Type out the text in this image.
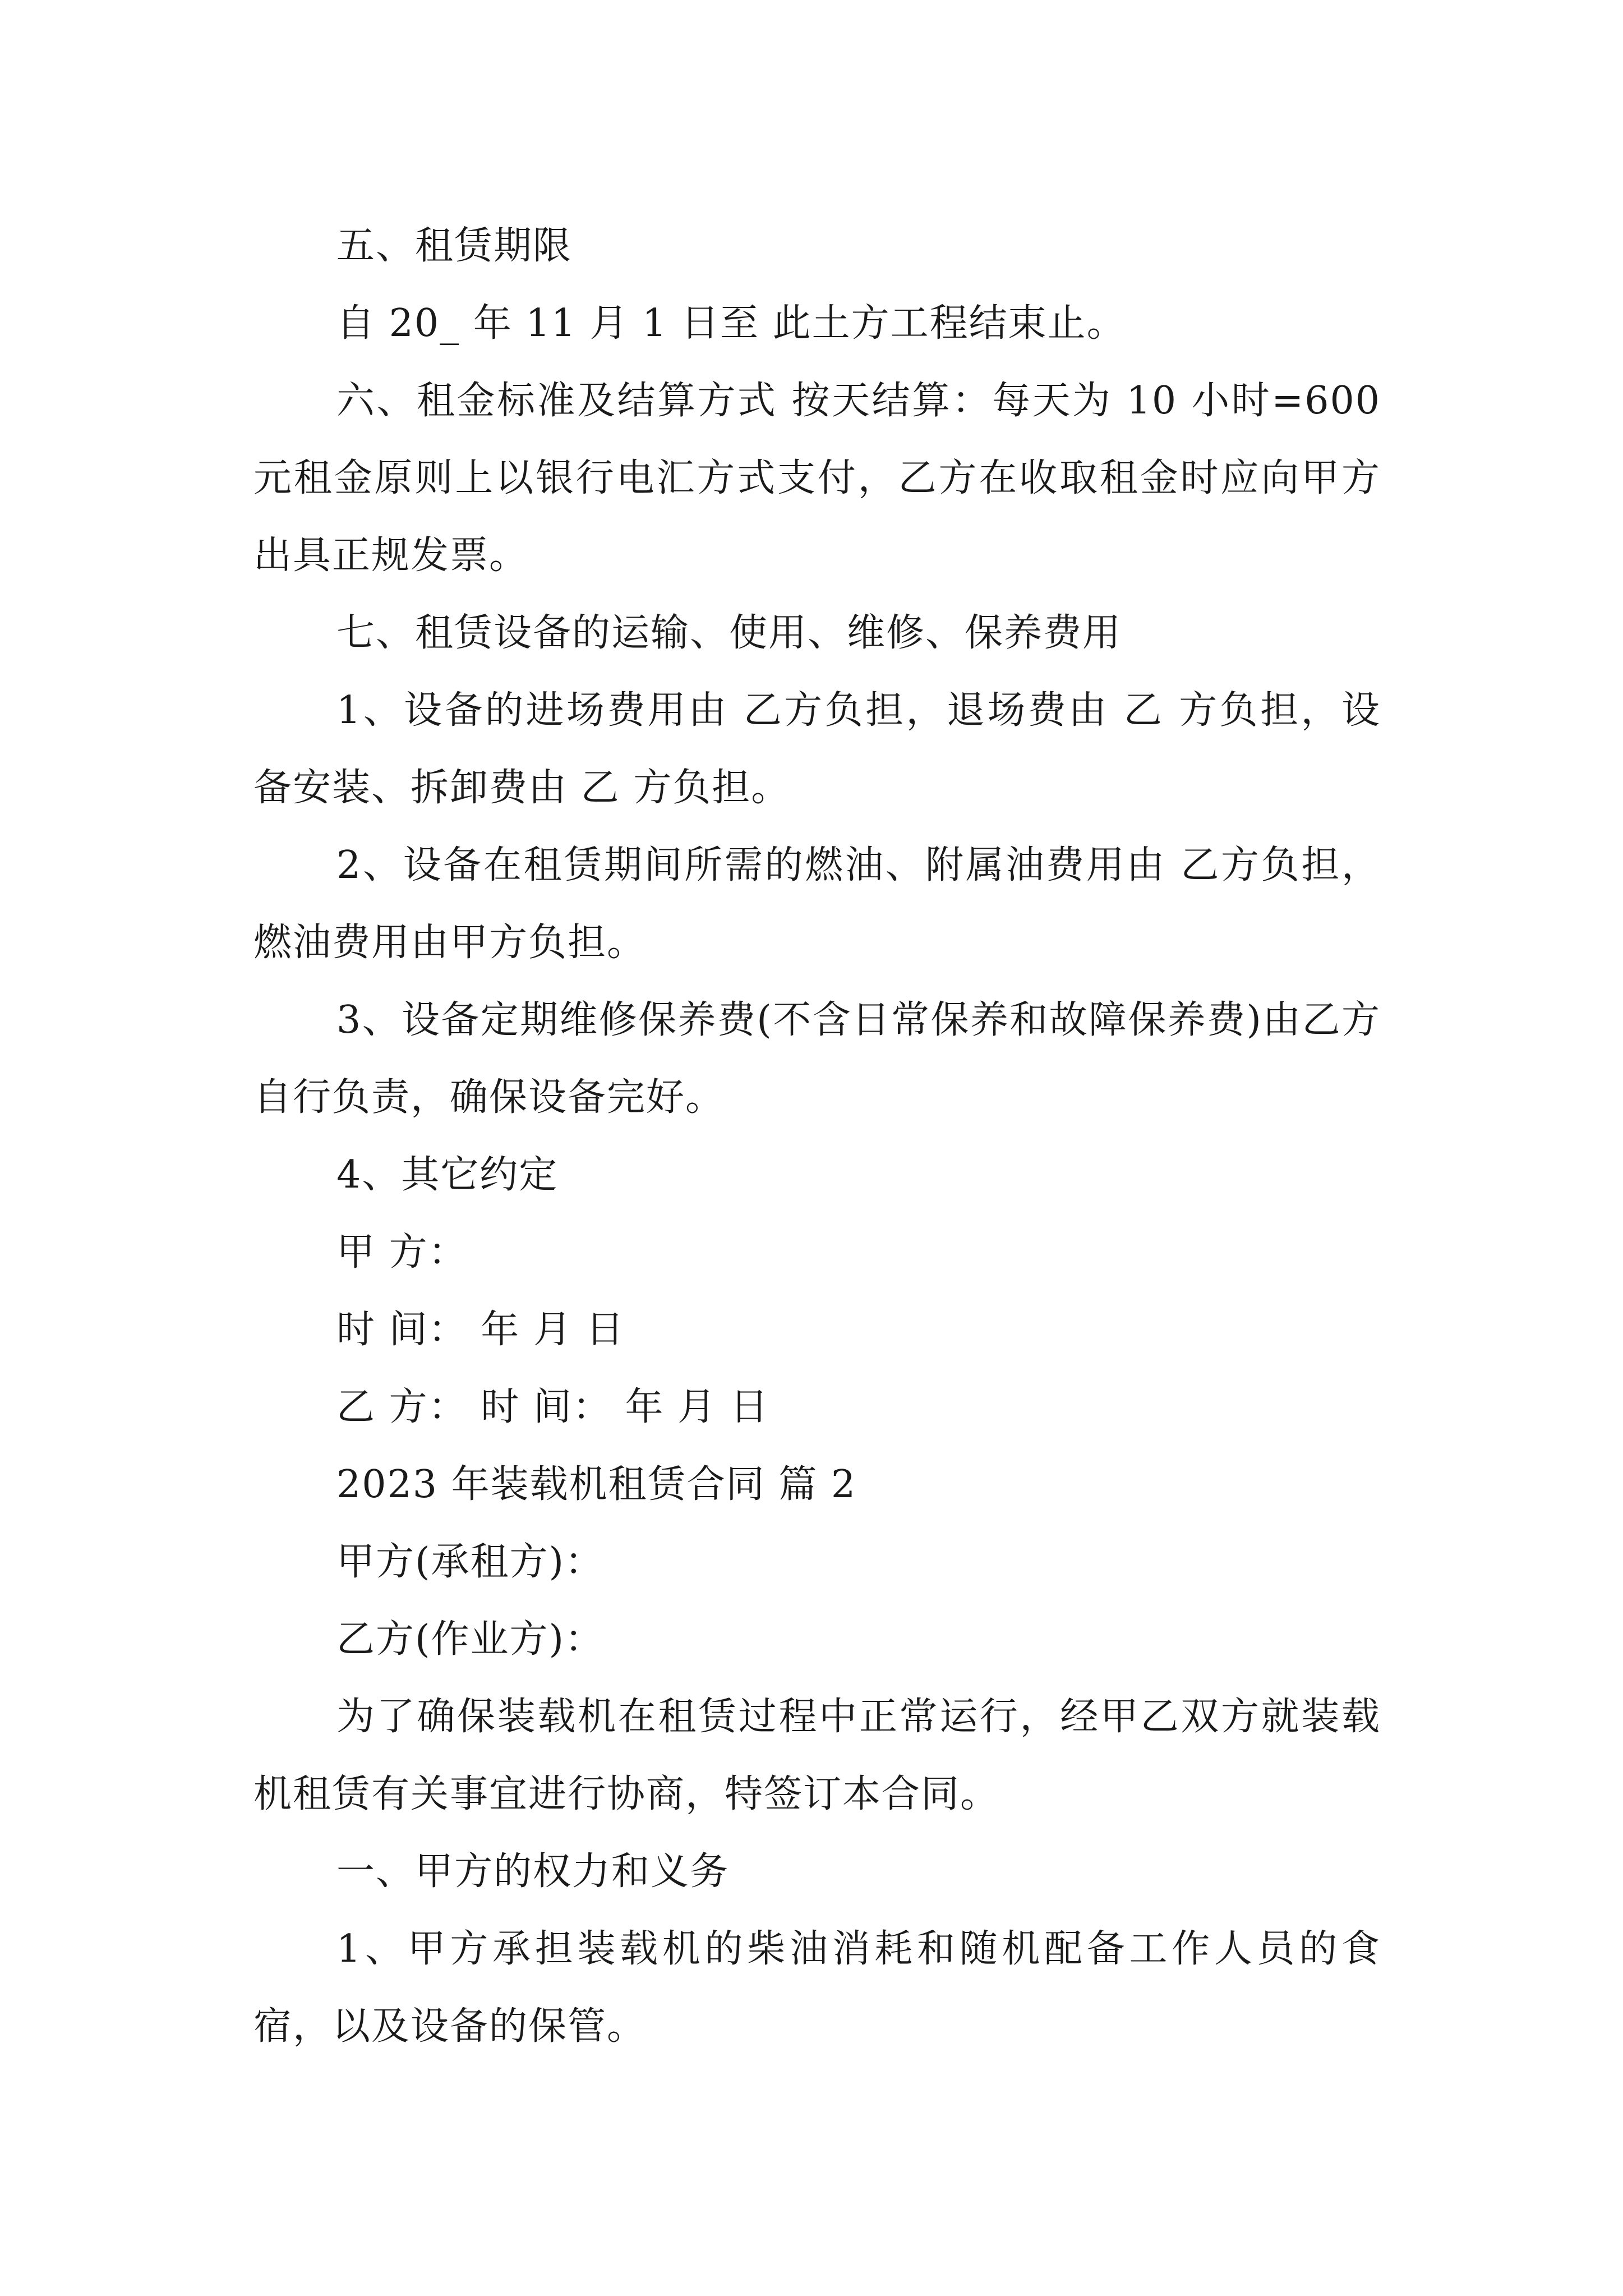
五、租赁期限

自 20_ 年 11 月 1 日至 此土方工程结束止。

六、租金标准及结算方式 按天结算：每天为 10 小时=600 元租金原则上以银行电汇方式支付，乙方在收取租金时应向甲方出具正规发票。

七、租赁设备的运输、使用、维修、保养费用

1、设备的进场费用由 乙方负担，退场费由 乙 方负担，设备安装、拆卸费由 乙 方负担。

2、设备在租赁期间所需的燃油、附属油费用由 乙方负担，燃油费用由甲方负担。

3、设备定期维修保养费(不含日常保养和故障保养费)由乙方自行负责，确保设备完好。

4、其它约定

甲 方：

时 间： 年 月 日

乙 方： 时 间： 年 月 日

2023 年装载机租赁合同 篇 2

甲方(承租方)：

乙方(作业方)：

为了确保装载机在租赁过程中正常运行，经甲乙双方就装载机租赁有关事宜进行协商，特签订本合同。

一、甲方的权力和义务

1、甲方承担装载机的柴油消耗和随机配备工作人员的食宿，以及设备的保管。
